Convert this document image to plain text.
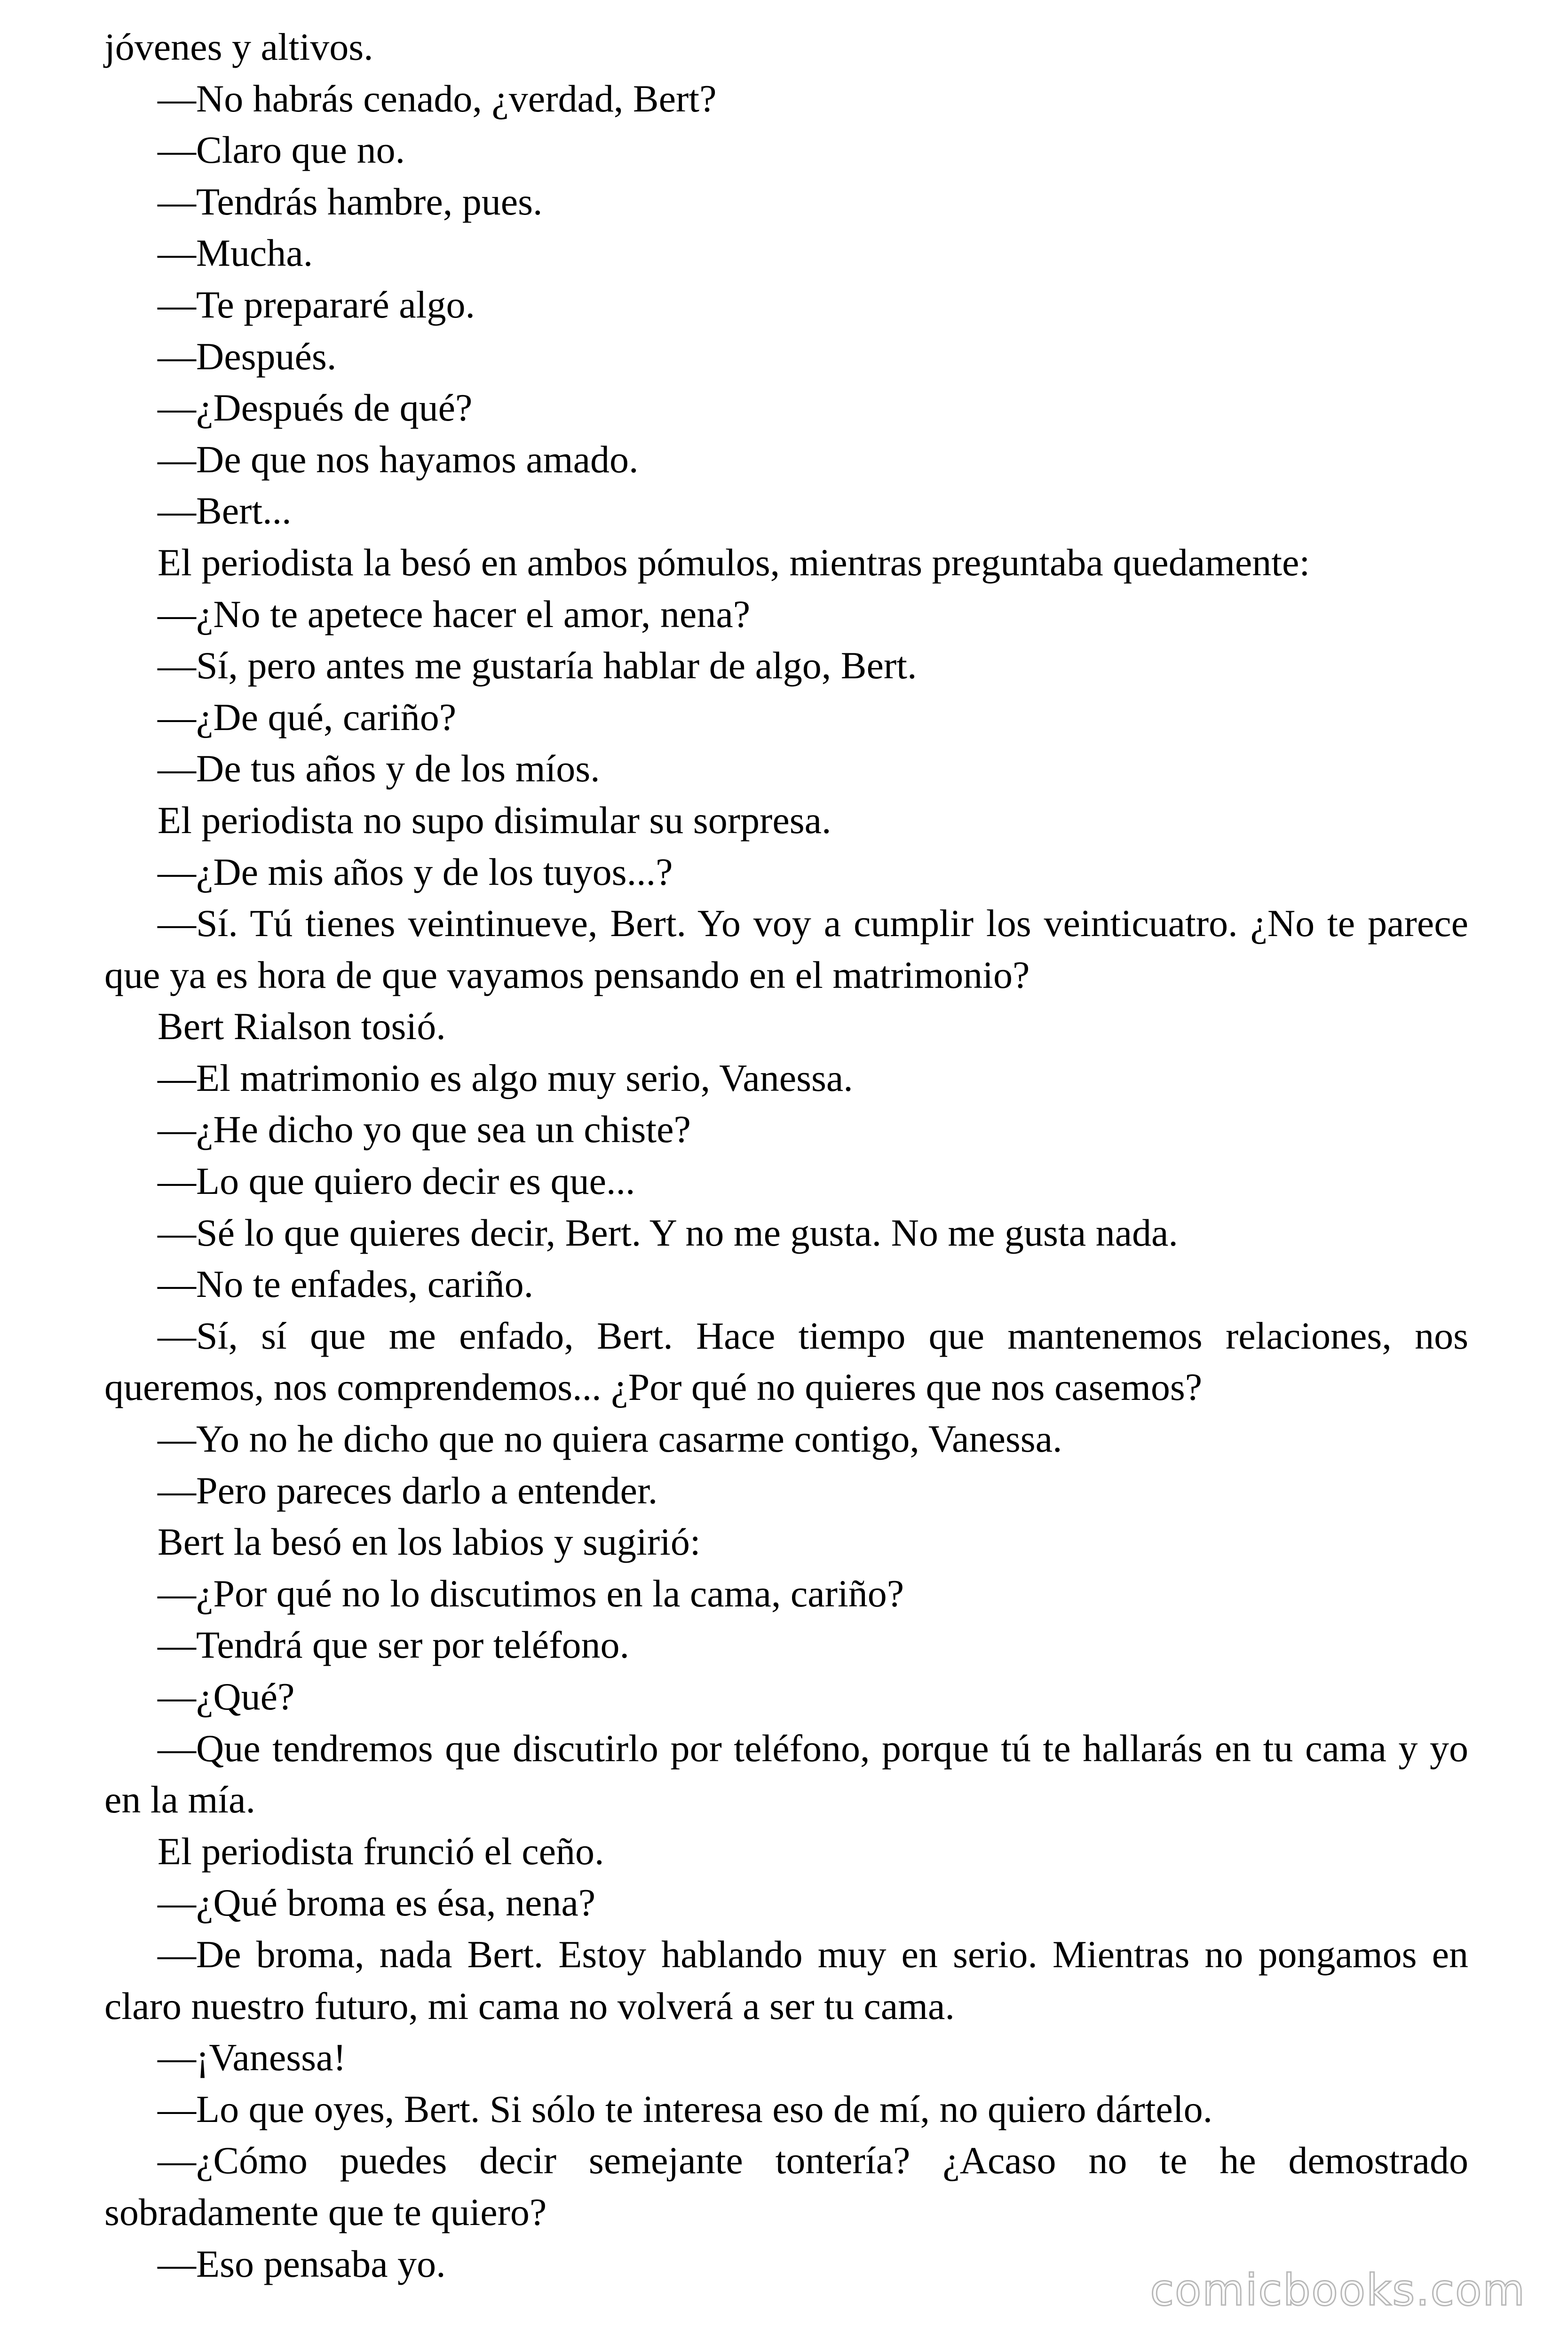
jóvenes y altivos.

—No habrás cenado, ¿verdad, Bert?

—Claro que no.

—Tendrás hambre, pues.

—Mucha.

—Te prepararé algo.

—Después.

—¿Después de qué?

—De que nos hayamos amado.

—Bert...

El periodista la besó en ambos pómulos, mientras preguntaba quedamente:

—¿No te apetece hacer el amor, nena?

—Sí, pero antes me gustaría hablar de algo, Bert.

—¿De qué, cariño?

—De tus años y de los míos.

El periodista no supo disimular su sorpresa.

—¿De mis años y de los tuyos...?

—Sí. Tú tienes veintinueve, Bert. Yo voy a cumplir los veinticuatro. ¿No te parece que ya es hora de que vayamos pensando en el matrimonio?

Bert Rialson tosió.

—El matrimonio es algo muy serio, Vanessa.

—¿He dicho yo que sea un chiste?

—Lo que quiero decir es que...

—Sé lo que quieres decir, Bert. Y no me gusta. No me gusta nada.

—No te enfades, cariño.

—Sí, sí que me enfado, Bert. Hace tiempo que mantenemos relaciones, nos queremos, nos comprendemos... ¿Por qué no quieres que nos casemos?

—Yo no he dicho que no quiera casarme contigo, Vanessa.

—Pero pareces darlo a entender.

Bert la besó en los labios y sugirió:

—¿Por qué no lo discutimos en la cama, cariño?

—Tendrá que ser por teléfono.

—¿Qué?

—Que tendremos que discutirlo por teléfono, porque tú te hallarás en tu cama y yo en la mía.

El periodista frunció el ceño.

—¿Qué broma es ésa, nena?

—De broma, nada Bert. Estoy hablando muy en serio. Mientras no pongamos en claro nuestro futuro, mi cama no volverá a ser tu cama.

—¡Vanessa!

—Lo que oyes, Bert. Si sólo te interesa eso de mí, no quiero dártelo.

—¿Cómo puedes decir semejante tontería? ¿Acaso no te he demostrado sobradamente que te quiero?

—Eso pensaba yo.

comicbooks.com
